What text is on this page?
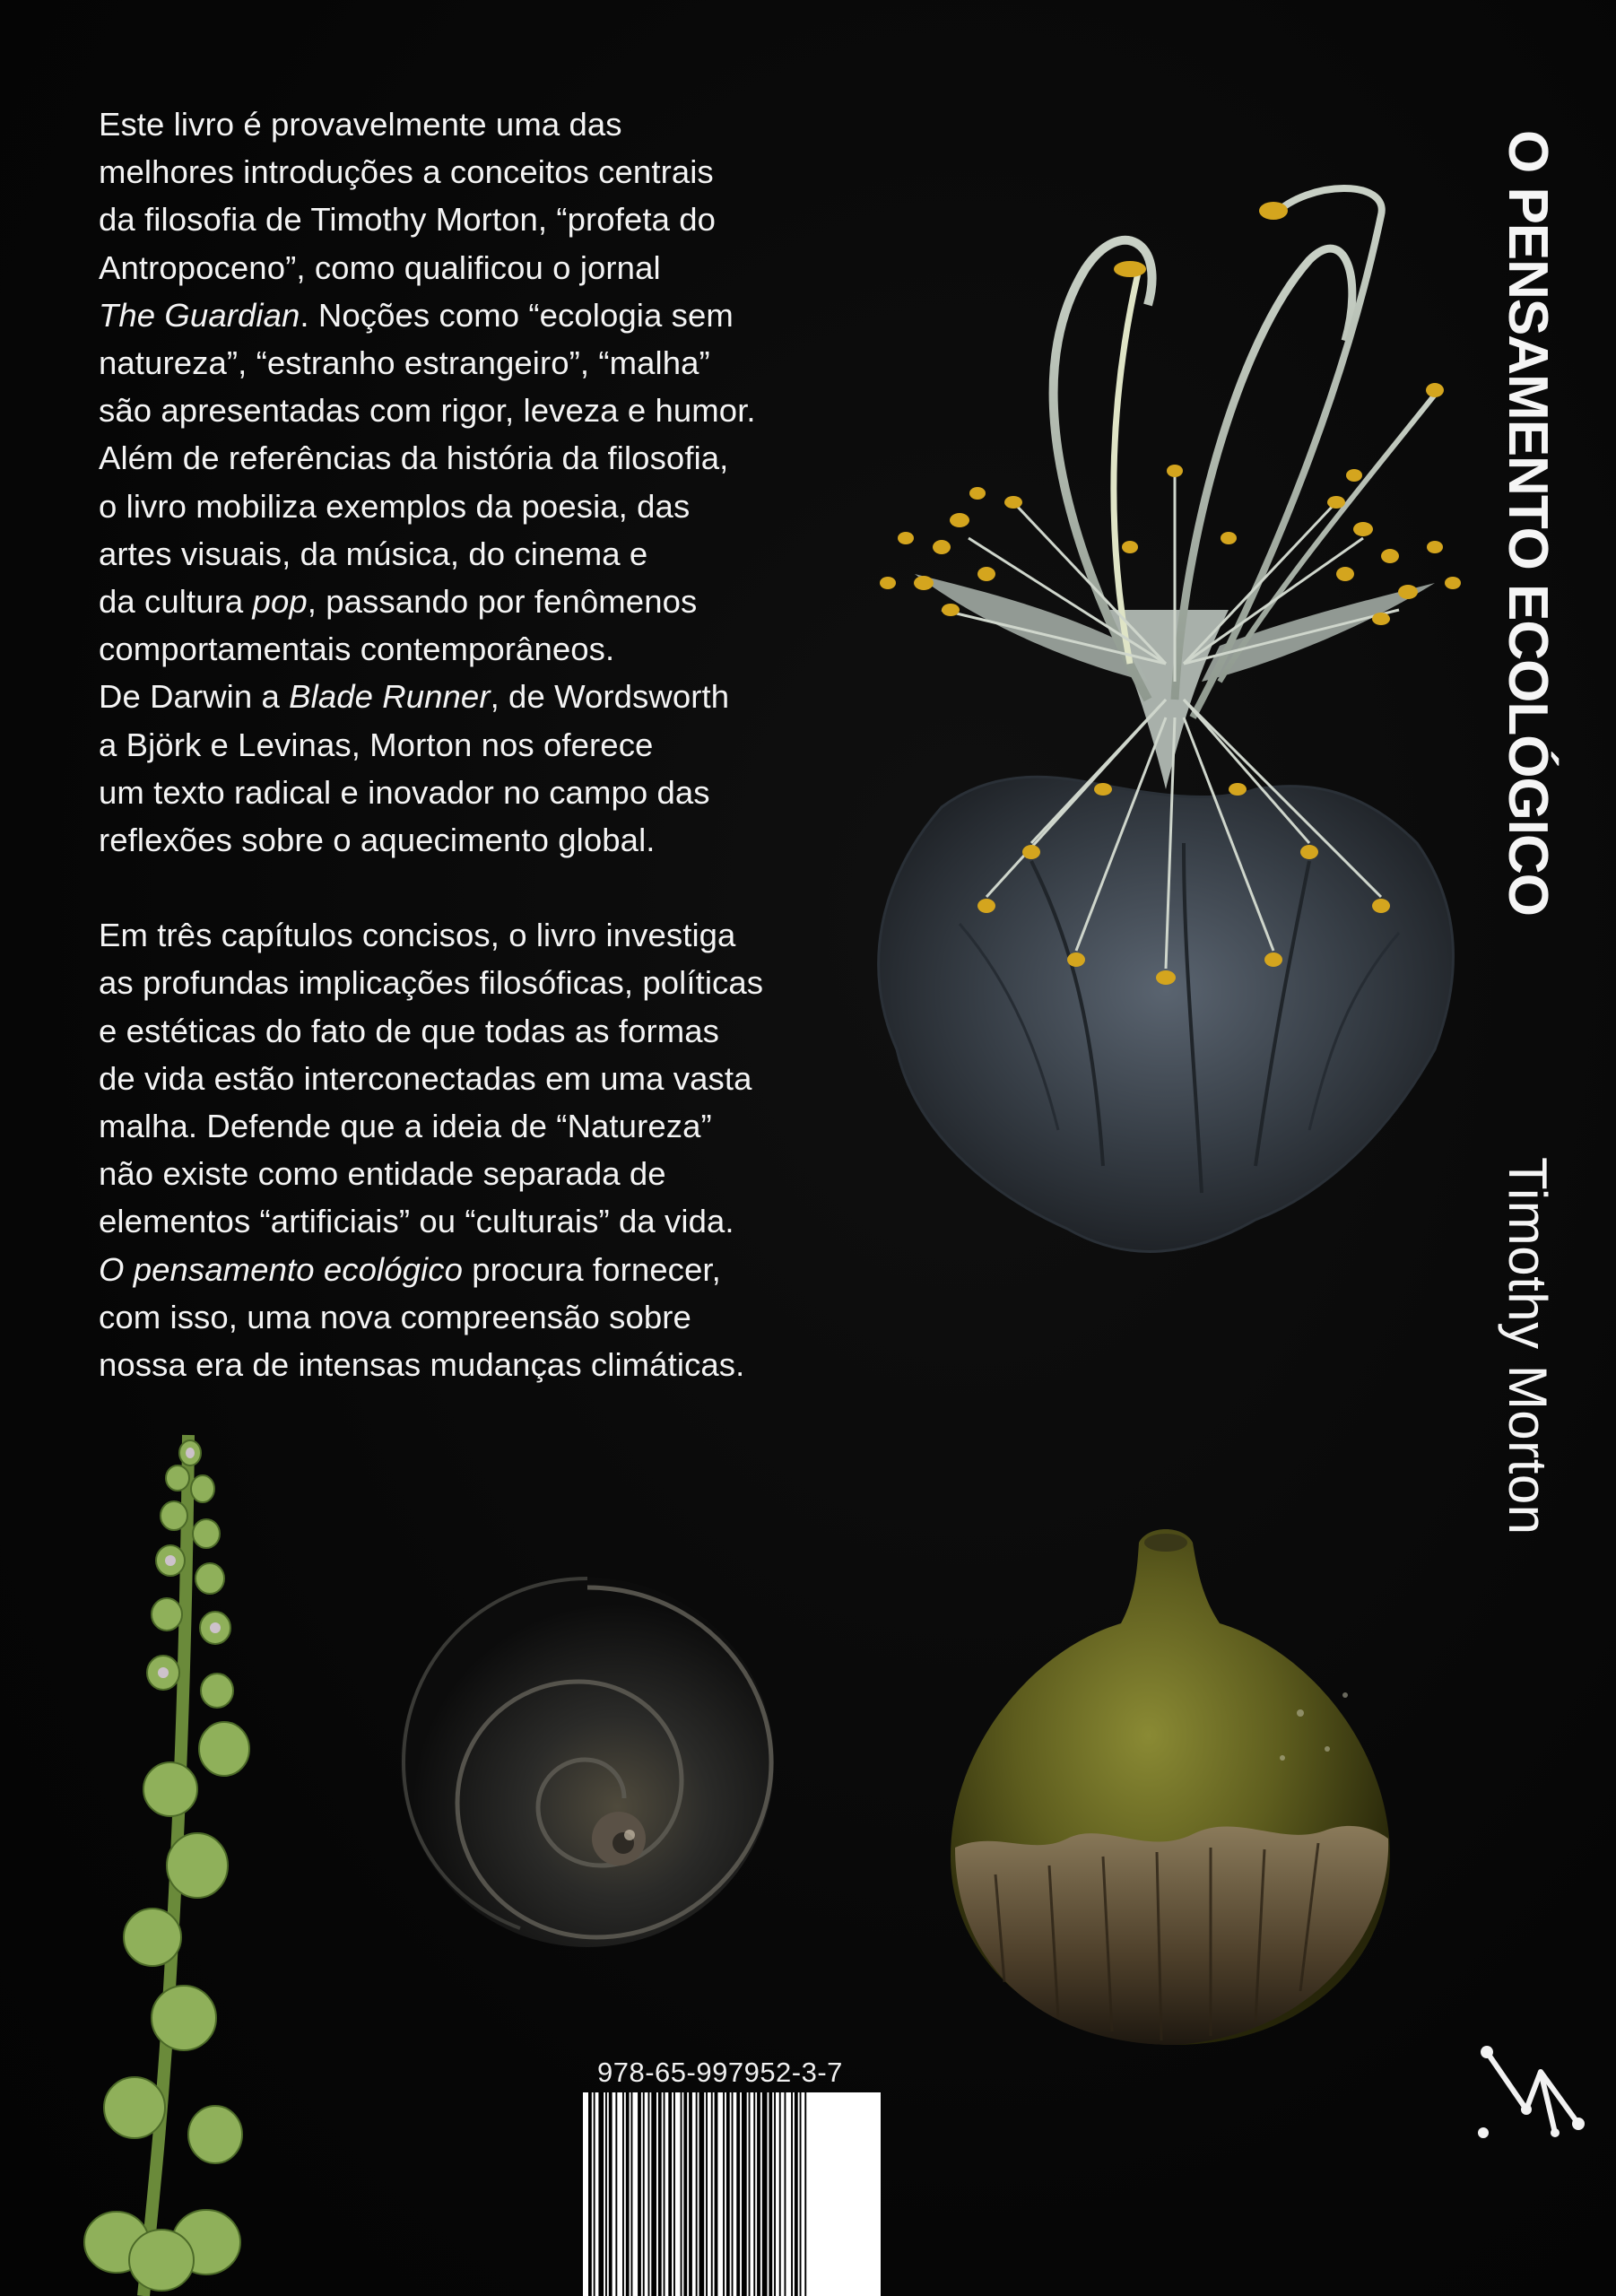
Este livro é provavelmente uma das
melhores introduções a conceitos centrais
da filosofia de Timothy Morton, “profeta do
Antropoceno”, como qualificou o jornal
The Guardian. Noções como “ecologia sem
natureza”, “estranho estrangeiro”, “malha”
são apresentadas com rigor, leveza e humor.
Além de referências da história da filosofia,
o livro mobiliza exemplos da poesia, das
artes visuais, da música, do cinema e
da cultura pop, passando por fenômenos
comportamentais contemporâneos.
De Darwin a Blade Runner, de Wordsworth
a Björk e Levinas, Morton nos oferece
um texto radical e inovador no campo das
reflexões sobre o aquecimento global.
Em três capítulos concisos, o livro investiga
as profundas implicações filosóficas, políticas
e estéticas do fato de que todas as formas
de vida estão interconectadas em uma vasta
malha. Defende que a ideia de “Natureza”
não existe como entidade separada de
elementos “artificiais” ou “culturais” da vida.
O pensamento ecológico procura fornecer,
com isso, uma nova compreensão sobre
nossa era de intensas mudanças climáticas.
O PENSAMENTO ECOLÓGICO
Timothy Morton
978-65-997952-3-7
